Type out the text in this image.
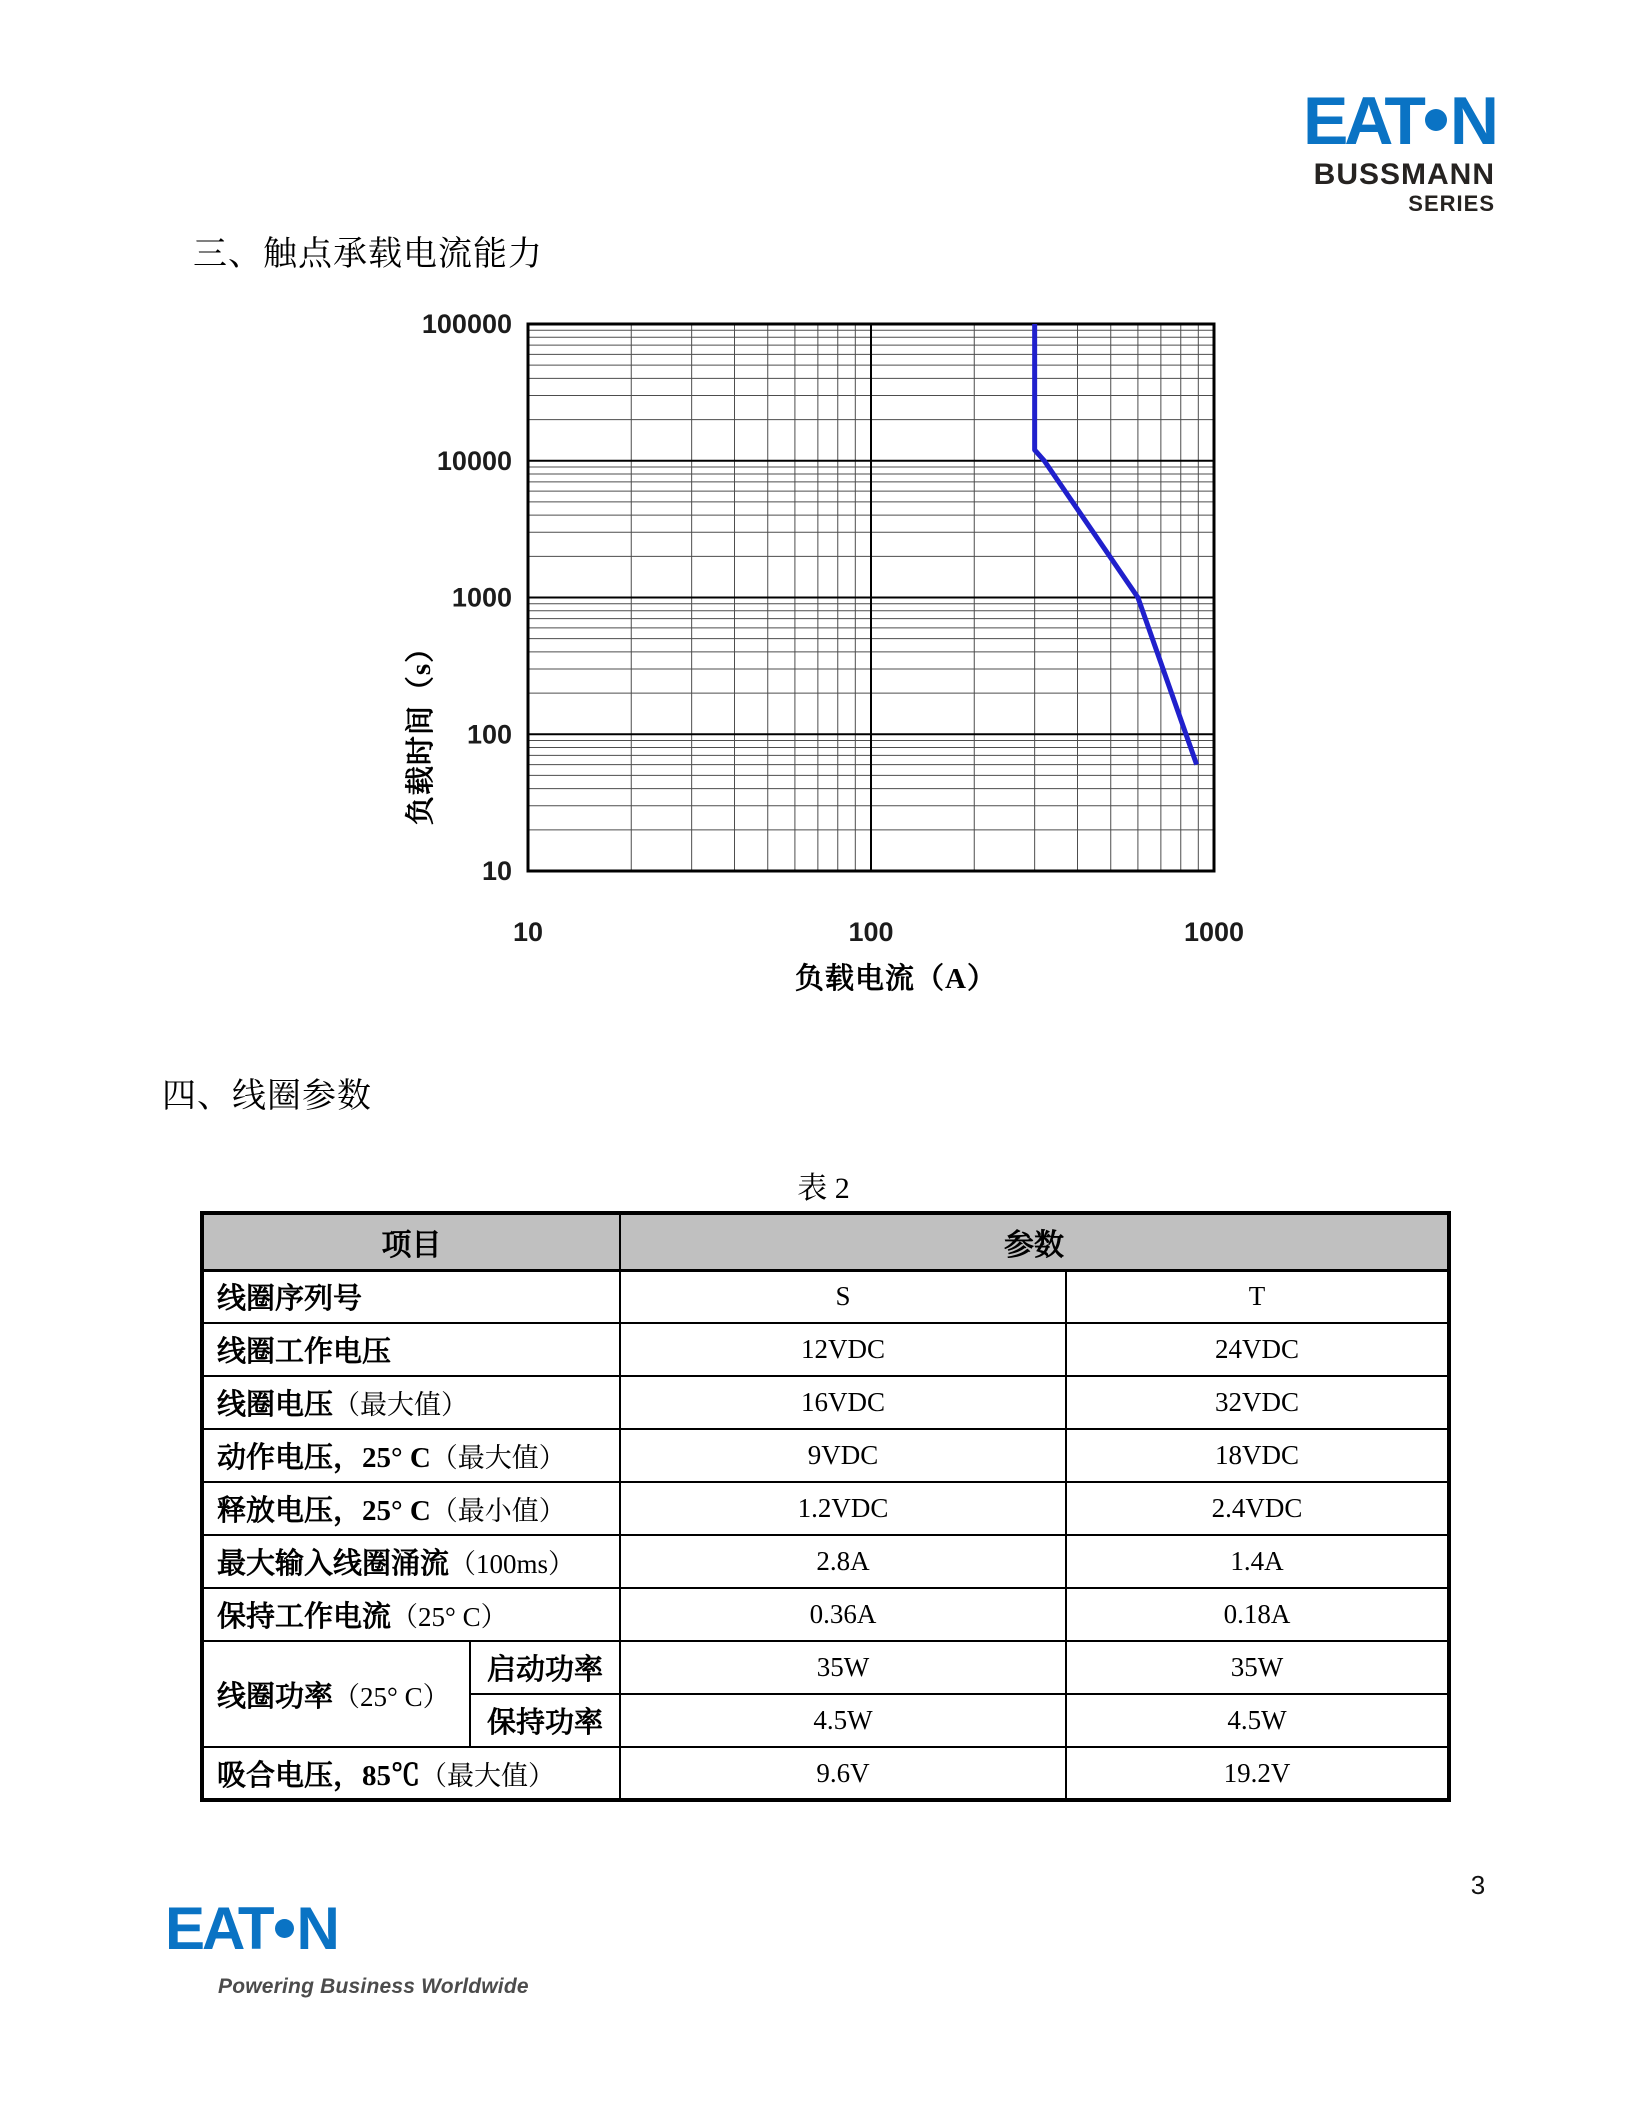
EAT N
BUSSMANN
SERIES
三、触点承载电流能力
10	100	1000
10
100
1000
10000
100000
负载电流（A）
负载时间（s）
四、线圈参数
表 2
项目		参数	
线圈序列号		S	T
线圈工作电压		12VDC	24VDC
线圈电压（最大值）		16VDC	32VDC
动作电压，25° C（最大值）		9VDC	18VDC
释放电压，25° C（最小值）		1.2VDC	2.4VDC
最大输入线圈涌流（100ms）		2.8A	1.4A
保持工作电流（25° C）		0.36A	0.18A
线圈功率（25° C）	启动功率	35W	35W
	保持功率	4.5W	4.5W
吸合电压，85℃（最大值）		9.6V	19.2V
EAT N
Powering Business Worldwide
3
